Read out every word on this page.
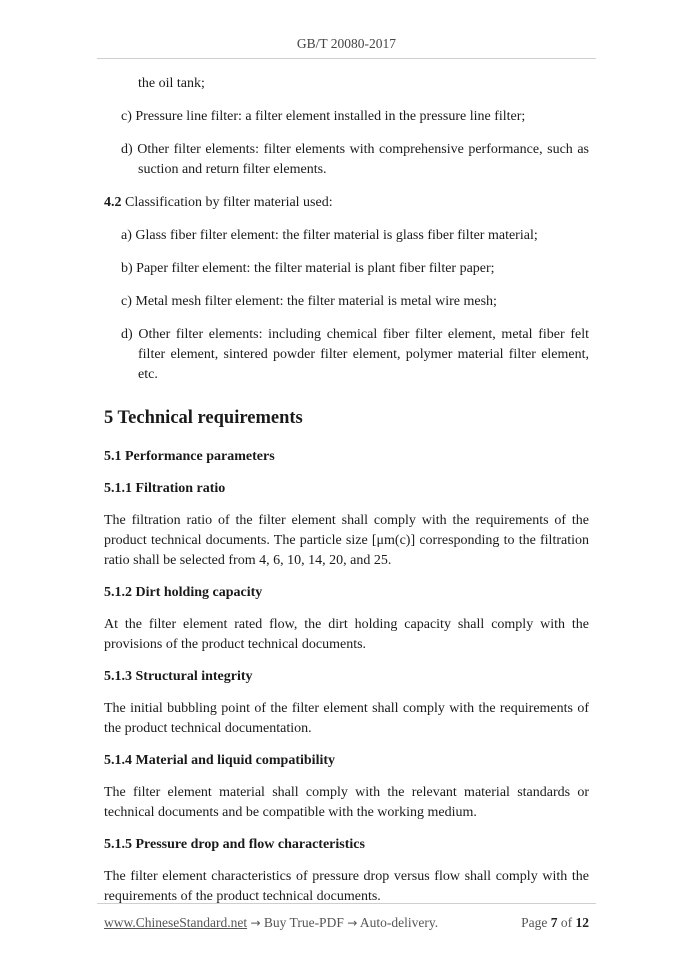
GB/T 20080-2017

the oil tank;

c) Pressure line filter: a filter element installed in the pressure line filter;

d) Other filter elements: filter elements with comprehensive performance, such as suction and return filter elements.

4.2 Classification by filter material used:

a) Glass fiber filter element: the filter material is glass fiber filter material;

b) Paper filter element: the filter material is plant fiber filter paper;

c) Metal mesh filter element: the filter material is metal wire mesh;

d) Other filter elements: including chemical fiber filter element, metal fiber felt filter element, sintered powder filter element, polymer material filter element, etc.

5 Technical requirements

5.1 Performance parameters

5.1.1 Filtration ratio

The filtration ratio of the filter element shall comply with the requirements of the product technical documents. The particle size [μm(c)] corresponding to the filtration ratio shall be selected from 4, 6, 10, 14, 20, and 25.

5.1.2 Dirt holding capacity

At the filter element rated flow, the dirt holding capacity shall comply with the provisions of the product technical documents.

5.1.3 Structural integrity

The initial bubbling point of the filter element shall comply with the requirements of the product technical documentation.

5.1.4 Material and liquid compatibility

The filter element material shall comply with the relevant material standards or technical documents and be compatible with the working medium.

5.1.5 Pressure drop and flow characteristics

The filter element characteristics of pressure drop versus flow shall comply with the requirements of the product technical documents.

www.ChineseStandard.net → Buy True-PDF → Auto-delivery.	Page 7 of 12
